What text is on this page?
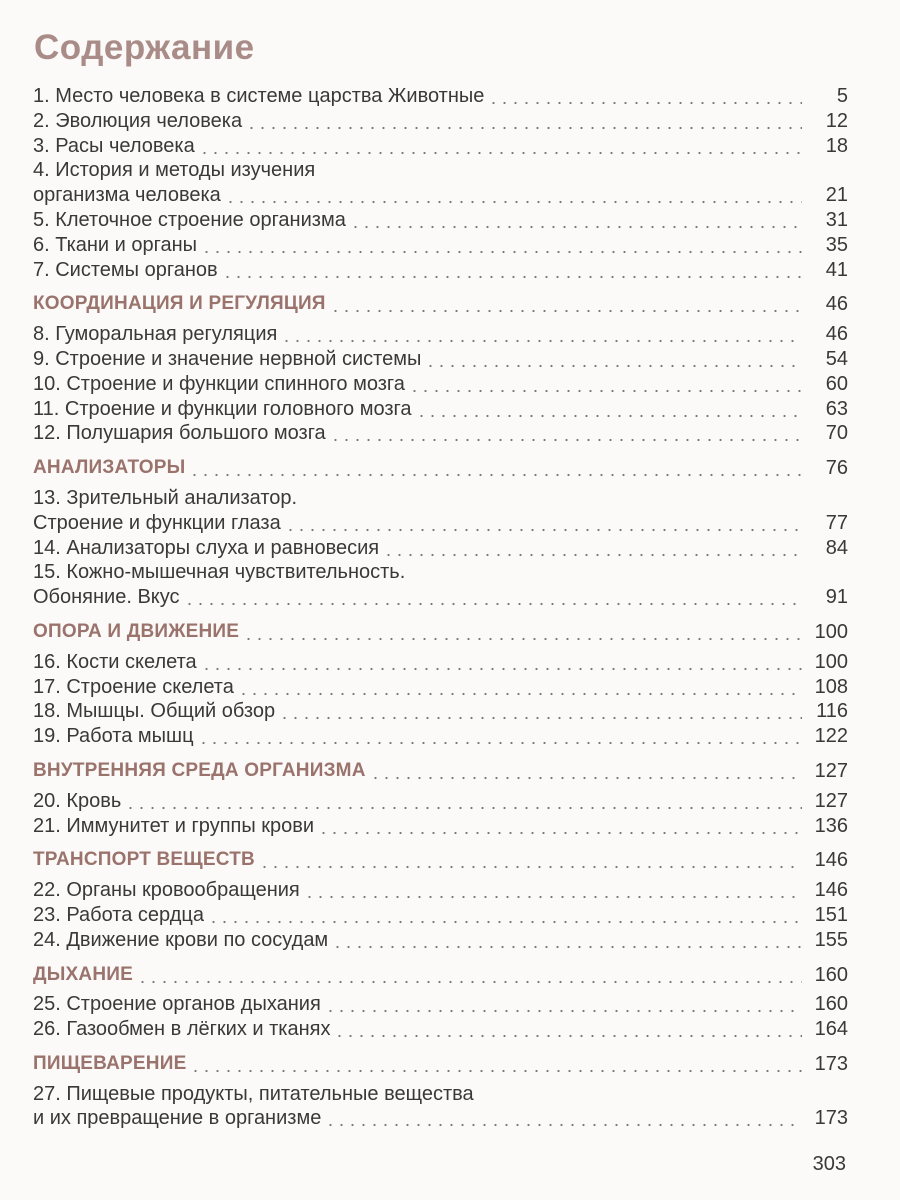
Содержание
1. Место человека в системе царства Животные	5
2. Эволюция человека	12
3. Расы человека	18
4. История и методы изучения
организма человека	21
5. Клеточное строение организма	31
6. Ткани и органы	35
7. Системы органов	41
КООРДИНАЦИЯ И РЕГУЛЯЦИЯ	46
8. Гуморальная регуляция	46
9. Строение и значение нервной системы	54
10. Строение и функции спинного мозга	60
11. Строение и функции головного мозга	63
12. Полушария большого мозга	70
АНАЛИЗАТОРЫ	76
13. Зрительный анализатор.
Строение и функции глаза	77
14. Анализаторы слуха и равновесия	84
15. Кожно-мышечная чувствительность.
Обоняние. Вкус	91
ОПОРА И ДВИЖЕНИЕ	100
16. Кости скелета	100
17. Строение скелета	108
18. Мышцы. Общий обзор	116
19. Работа мышц	122
ВНУТРЕННЯЯ СРЕДА ОРГАНИЗМА	127
20. Кровь	127
21. Иммунитет и группы крови	136
ТРАНСПОРТ ВЕЩЕСТВ	146
22. Органы кровообращения	146
23. Работа сердца	151
24. Движение крови по сосудам	155
ДЫХАНИЕ	160
25. Строение органов дыхания	160
26. Газообмен в лёгких и тканях	164
ПИЩЕВАРЕНИЕ	173
27. Пищевые продукты, питательные вещества
и их превращение в организме	173
303
